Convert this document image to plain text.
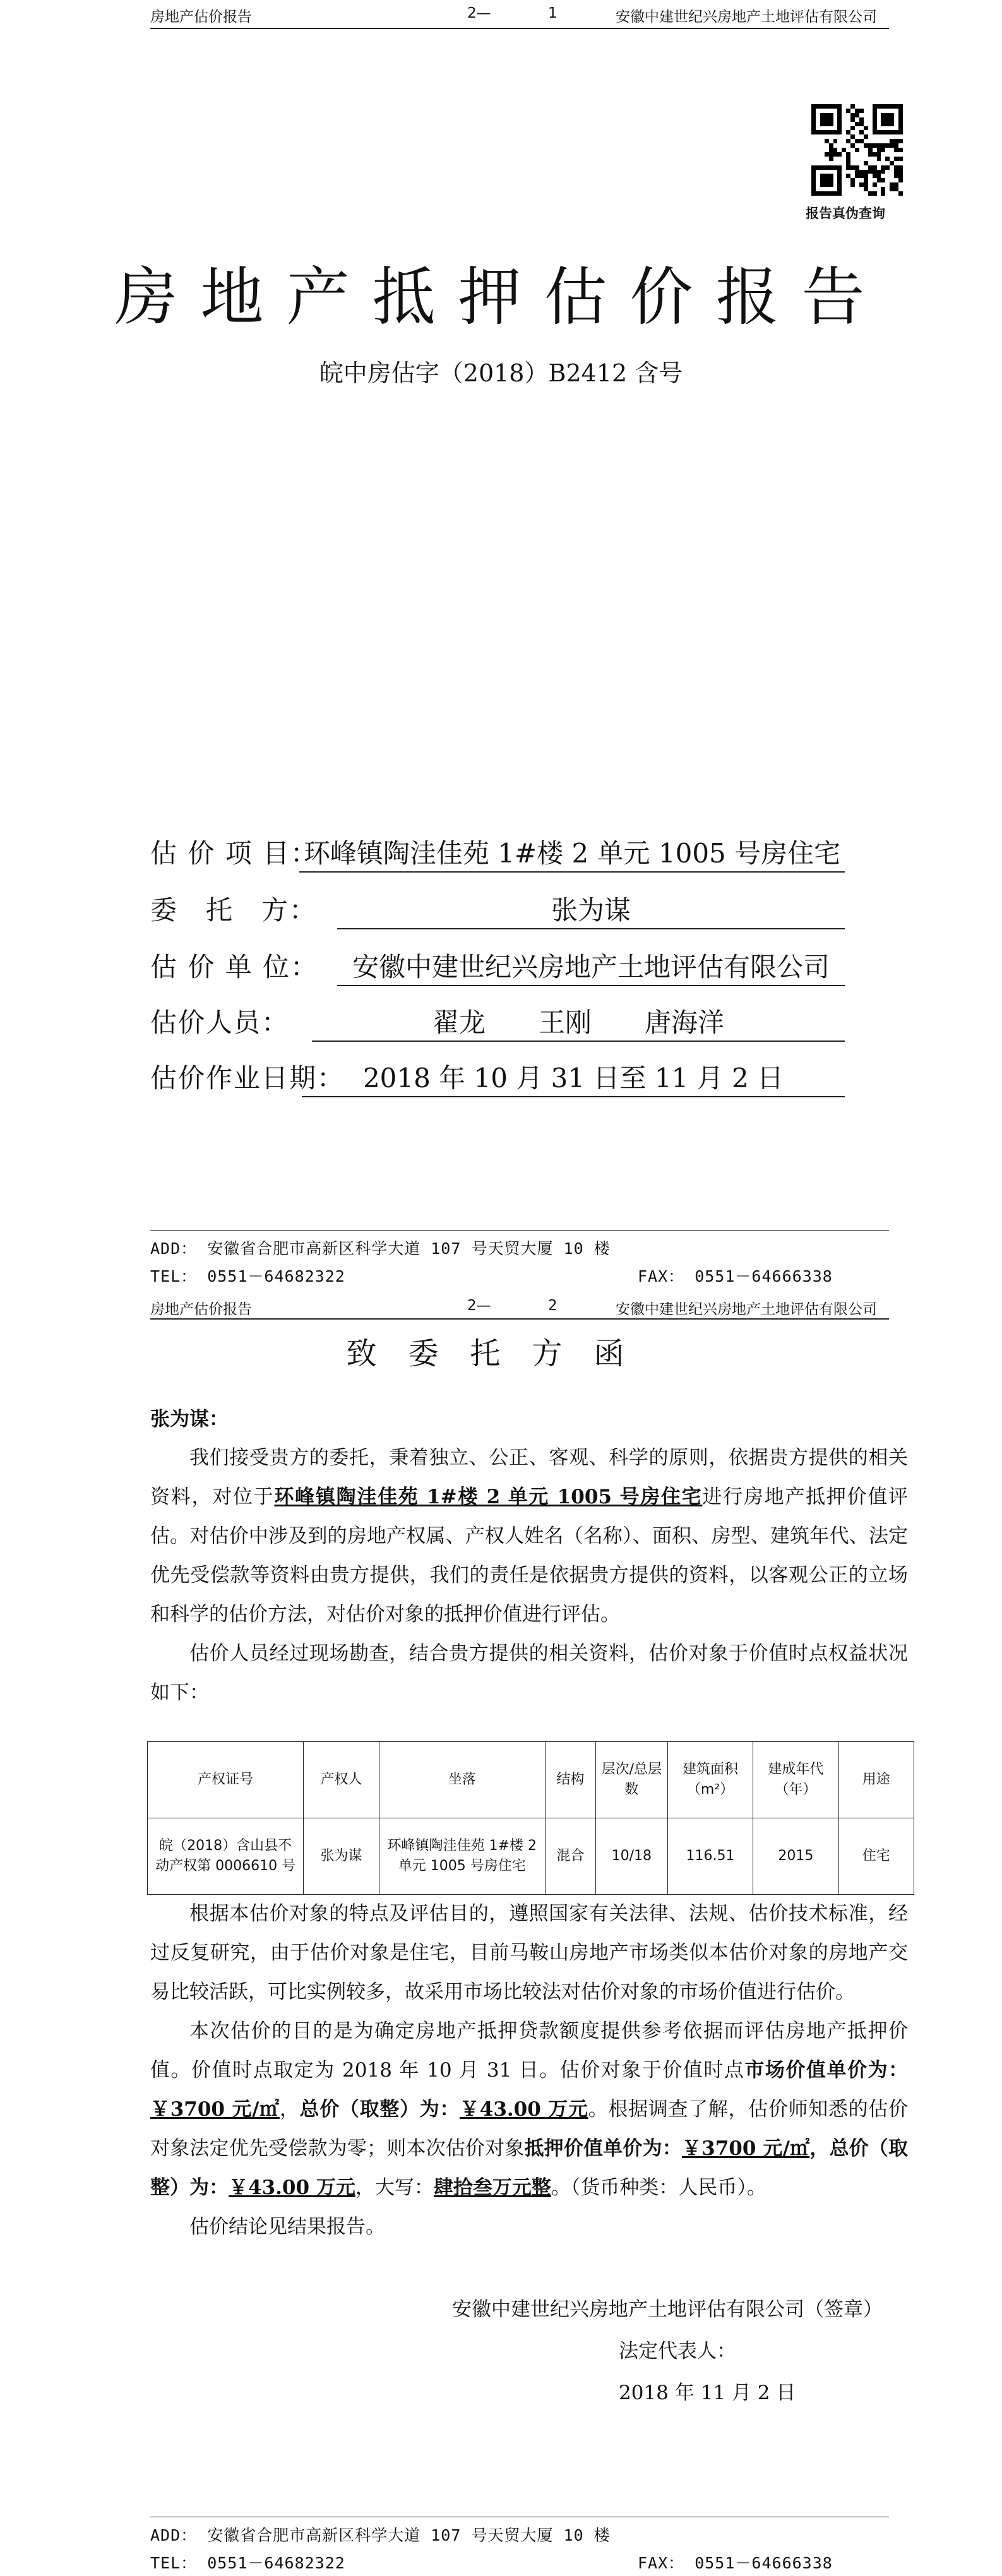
房地产估价报告	2—	1	安徽中建世纪兴房地产土地评估有限公司
报告真伪查询
房地产抵押估价报告
皖中房估字（2018）B2412 含号
估 价 项 目：环峰镇陶洼佳苑 1#楼 2 单元 1005 号房住宅
委　托　方：	张为谋
估 价 单 位： 安徽中建世纪兴房地产土地评估有限公司
估价人员：	翟龙　　王刚　　唐海洋
估价作业日期： 2018 年 10 月 31 日至 11 月 2 日
ADD： 安徽省合肥市高新区科学大道 107 号天贸大厦 10 楼
TEL： 0551－64682322	FAX： 0551－64666338
房地产估价报告	2—	2	安徽中建世纪兴房地产土地评估有限公司
致委托方函
张为谋：

我们接受贵方的委托，秉着独立、公正、客观、科学的原则，依据贵方提供的相关资料，对位于环峰镇陶洼佳苑 1#楼 2 单元 1005 号房住宅进行房地产抵押价值评估。对估价中涉及到的房地产权属、产权人姓名（名称）、面积、房型、建筑年代、法定优先受偿款等资料由贵方提供，我们的责任是依据贵方提供的资料，以客观公正的立场和科学的估价方法，对估价对象的抵押价值进行评估。

估价人员经过现场勘查，结合贵方提供的相关资料，估价对象于价值时点权益状况如下：

产权证号	产权人	坐落	结构	层次/总层数	建筑面积（m²）	建成年代（年）	用途
皖（2018）含山县不动产权第 0006610 号	张为谋	环峰镇陶洼佳苑 1#楼 2 单元 1005 号房住宅	混合	10/18	116.51	2015	住宅

根据本估价对象的特点及评估目的，遵照国家有关法律、法规、估价技术标准，经过反复研究，由于估价对象是住宅，目前马鞍山房地产市场类似本估价对象的房地产交易比较活跃，可比实例较多，故采用市场比较法对估价对象的市场价值进行估价。

本次估价的目的是为确定房地产抵押贷款额度提供参考依据而评估房地产抵押价值。价值时点取定为 2018 年 10 月 31 日。估价对象于价值时点市场价值单价为：￥3700 元/㎡，总价（取整）为：￥43.00 万元。根据调查了解，估价师知悉的估价对象法定优先受偿款为零；则本次估价对象抵押价值单价为：￥3700 元/㎡，总价（取整）为：￥43.00 万元，大写：肆拾叁万元整。（货币种类：人民币）。

估价结论见结果报告。

安徽中建世纪兴房地产土地评估有限公司（签章）
法定代表人：
2018 年 11 月 2 日
ADD： 安徽省合肥市高新区科学大道 107 号天贸大厦 10 楼
TEL： 0551－64682322	FAX： 0551－64666338
